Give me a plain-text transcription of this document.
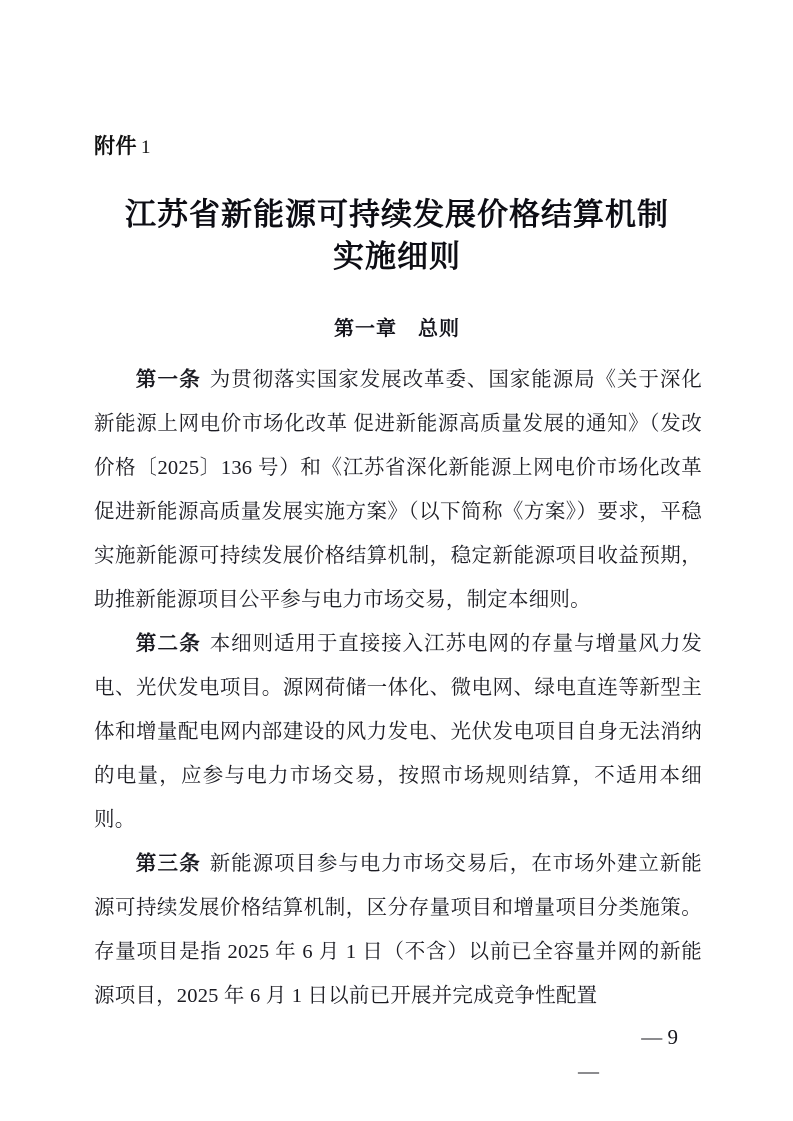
附件 1
江苏省新能源可持续发展价格结算机制
实施细则
第一章　总则

第一条 为贯彻落实国家发展改革委、国家能源局《关于深化新能源上网电价市场化改革 促进新能源高质量发展的通知》（发改价格〔2025〕136 号）和《江苏省深化新能源上网电价市场化改革 促进新能源高质量发展实施方案》（以下简称《方案》）要求，平稳实施新能源可持续发展价格结算机制，稳定新能源项目收益预期，助推新能源项目公平参与电力市场交易，制定本细则。

第二条 本细则适用于直接接入江苏电网的存量与增量风力发电、光伏发电项目。源网荷储一体化、微电网、绿电直连等新型主体和增量配电网内部建设的风力发电、光伏发电项目自身无法消纳的电量，应参与电力市场交易，按照市场规则结算，不适用本细则。

第三条 新能源项目参与电力市场交易后，在市场外建立新能源可持续发展价格结算机制，区分存量项目和增量项目分类施策。存量项目是指 2025 年 6 月 1 日（不含）以前已全容量并网的新能源项目，2025 年 6 月 1 日以前已开展并完成竞争性配置

— 9
—
